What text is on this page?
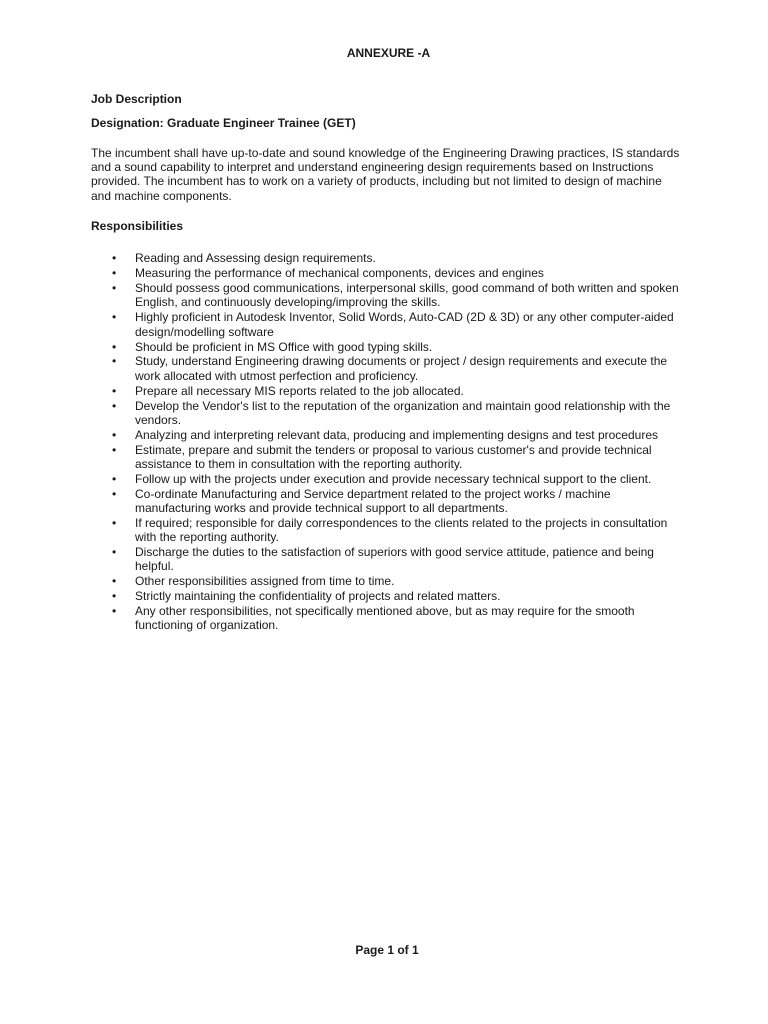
ANNEXURE -A

Job Description

Designation: Graduate Engineer Trainee (GET)

The incumbent shall have up-to-date and sound knowledge of the Engineering Drawing practices, IS standards and a sound capability to interpret and understand engineering design requirements based on Instructions provided. The incumbent has to work on a variety of products, including but not limited to design of machine and machine components.

Responsibilities

• Reading and Assessing design requirements.
• Measuring the performance of mechanical components, devices and engines
• Should possess good communications, interpersonal skills, good command of both written and spoken English, and continuously developing/improving the skills.
• Highly proficient in Autodesk Inventor, Solid Words, Auto-CAD (2D & 3D) or any other computer-aided design/modelling software
• Should be proficient in MS Office with good typing skills.
• Study, understand Engineering drawing documents or project / design requirements and execute the work allocated with utmost perfection and proficiency.
• Prepare all necessary MIS reports related to the job allocated.
• Develop the Vendor's list to the reputation of the organization and maintain good relationship with the vendors.
• Analyzing and interpreting relevant data, producing and implementing designs and test procedures
• Estimate, prepare and submit the tenders or proposal to various customer's and provide technical assistance to them in consultation with the reporting authority.
• Follow up with the projects under execution and provide necessary technical support to the client.
• Co-ordinate Manufacturing and Service department related to the project works / machine manufacturing works and provide technical support to all departments.
• If required; responsible for daily correspondences to the clients related to the projects in consultation with the reporting authority.
• Discharge the duties to the satisfaction of superiors with good service attitude, patience and being helpful.
• Other responsibilities assigned from time to time.
• Strictly maintaining the confidentiality of projects and related matters.
• Any other responsibilities, not specifically mentioned above, but as may require for the smooth functioning of organization.
Page 1 of 1
